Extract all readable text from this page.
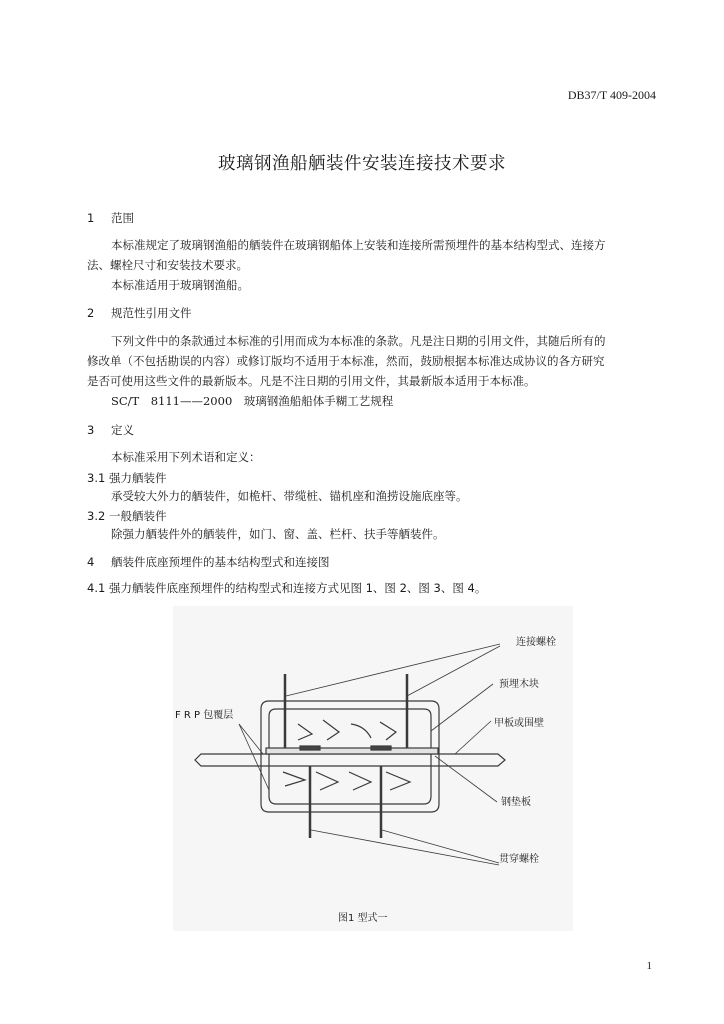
DB37/T 409-2004
玻璃钢渔船舾装件安装连接技术要求
1 范围
本标准规定了玻璃钢渔船的舾装件在玻璃钢船体上安装和连接所需预埋件的基本结构型式、连接方
法、螺栓尺寸和安装技术要求。
本标准适用于玻璃钢渔船。
2 规范性引用文件
下列文件中的条款通过本标准的引用而成为本标准的条款。凡是注日期的引用文件，其随后所有的
修改单（不包括勘误的内容）或修订版均不适用于本标准，然而，鼓励根据本标准达成协议的各方研究
是否可使用这些文件的最新版本。凡是不注日期的引用文件，其最新版本适用于本标准。
SC/T　8111——2000　玻璃钢渔船船体手糊工艺规程
3 定义
本标准采用下列术语和定义：
3.1 强力舾装件
承受较大外力的舾装件，如桅杆、带缆桩、锚机座和渔捞设施底座等。
3.2 一般舾装件
除强力舾装件外的舾装件，如门、窗、盖、栏杆、扶手等舾装件。
4 舾装件底座预埋件的基本结构型式和连接图
4.1 强力舾装件底座预埋件的结构型式和连接方式见图 1、图 2、图 3、图 4。
连接螺栓
预埋木块
甲板或围壁
F R P 包覆层
钢垫板
贯穿螺栓
图1 型式一
1
